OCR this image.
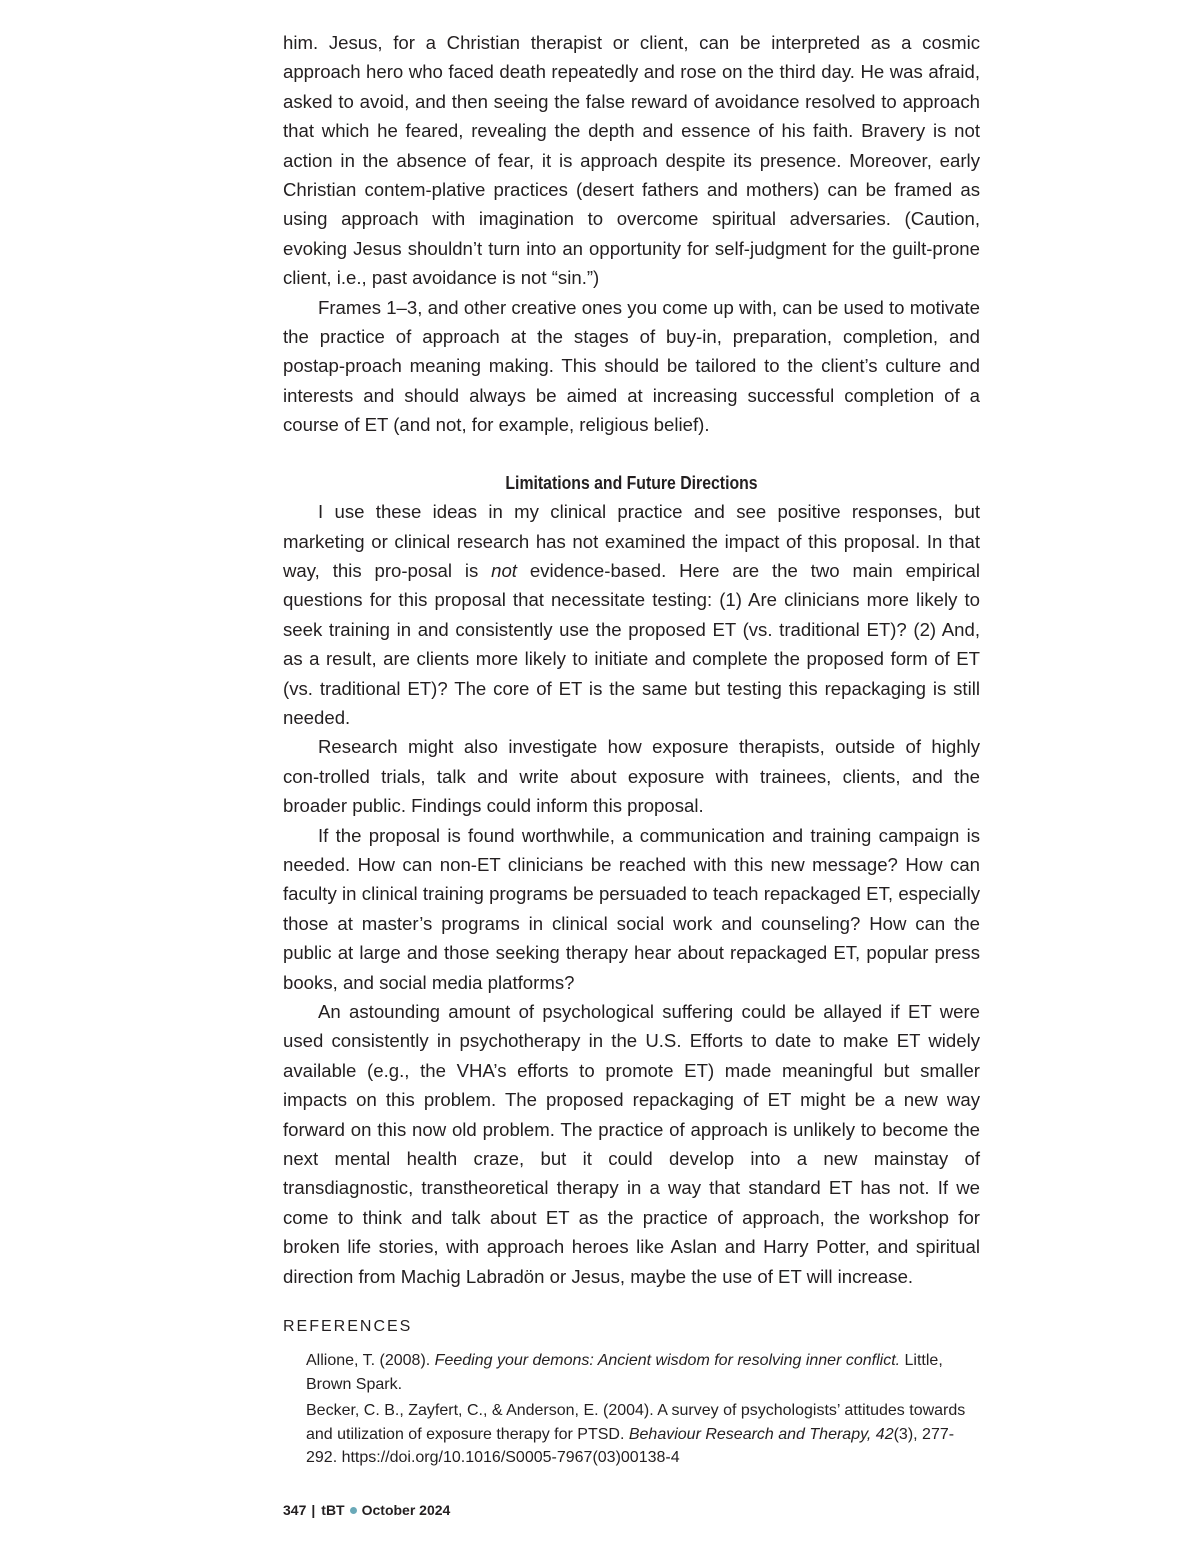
him. Jesus, for a Christian therapist or client, can be interpreted as a cosmic approach hero who faced death repeatedly and rose on the third day. He was afraid, asked to avoid, and then seeing the false reward of avoidance resolved to approach that which he feared, revealing the depth and essence of his faith. Bravery is not action in the absence of fear, it is approach despite its presence. Moreover, early Christian contem-plative practices (desert fathers and mothers) can be framed as using approach with imagination to overcome spiritual adversaries. (Caution, evoking Jesus shouldn’t turn into an opportunity for self-judgment for the guilt-prone client, i.e., past avoidance is not “sin.”)

Frames 1–3, and other creative ones you come up with, can be used to motivate the practice of approach at the stages of buy-in, preparation, completion, and postap-proach meaning making. This should be tailored to the client’s culture and interests and should always be aimed at increasing successful completion of a course of ET (and not, for example, religious belief).

Limitations and Future Directions

I use these ideas in my clinical practice and see positive responses, but marketing or clinical research has not examined the impact of this proposal. In that way, this pro-posal is not evidence-based. Here are the two main empirical questions for this proposal that necessitate testing: (1) Are clinicians more likely to seek training in and consistently use the proposed ET (vs. traditional ET)? (2) And, as a result, are clients more likely to initiate and complete the proposed form of ET (vs. traditional ET)? The core of ET is the same but testing this repackaging is still needed.

Research might also investigate how exposure therapists, outside of highly con-trolled trials, talk and write about exposure with trainees, clients, and the broader public. Findings could inform this proposal.

If the proposal is found worthwhile, a communication and training campaign is needed. How can non-ET clinicians be reached with this new message? How can faculty in clinical training programs be persuaded to teach repackaged ET, especially those at master’s programs in clinical social work and counseling? How can the public at large and those seeking therapy hear about repackaged ET, popular press books, and social media platforms?

An astounding amount of psychological suffering could be allayed if ET were used consistently in psychotherapy in the U.S. Efforts to date to make ET widely available (e.g., the VHA’s efforts to promote ET) made meaningful but smaller impacts on this problem. The proposed repackaging of ET might be a new way forward on this now old problem. The practice of approach is unlikely to become the next mental health craze, but it could develop into a new mainstay of transdiagnostic, transtheoretical therapy in a way that standard ET has not. If we come to think and talk about ET as the practice of approach, the workshop for broken life stories, with approach heroes like Aslan and Harry Potter, and spiritual direction from Machig Labradön or Jesus, maybe the use of ET will increase.

REFERENCES

Allione, T. (2008). Feeding your demons: Ancient wisdom for resolving inner conflict. Little, Brown Spark.

Becker, C. B., Zayfert, C., & Anderson, E. (2004). A survey of psychologists’ attitudes towards and utilization of exposure therapy for PTSD. Behaviour Research and Therapy, 42(3), 277-292. https://doi.org/10.1016/S0005-7967(03)00138-4

347 | tBT October 2024
